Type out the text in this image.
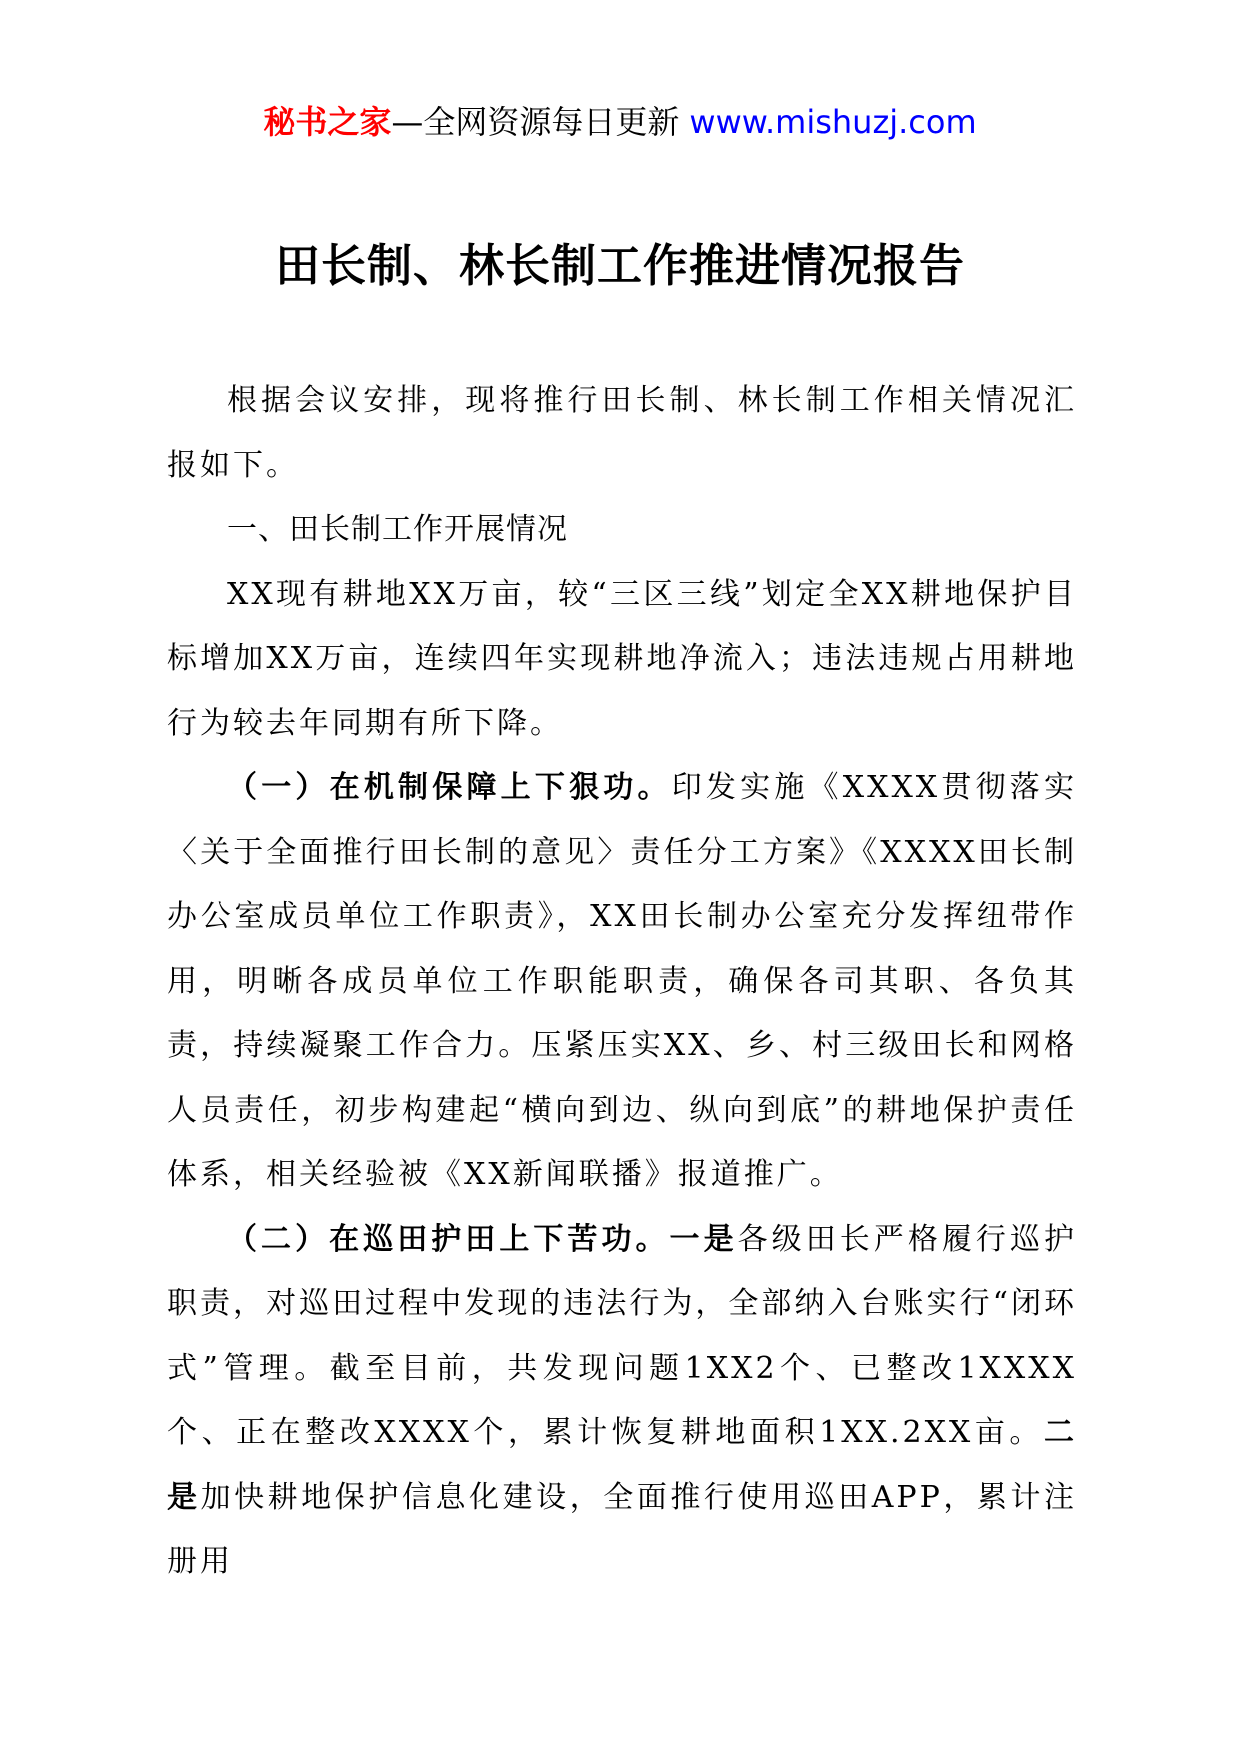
秘书之家—全网资源每日更新 www.mishuzj.com
田长制、林长制工作推进情况报告

根据会议安排，现将推行田长制、林长制工作相关情况汇报如下。

一、田长制工作开展情况

XX现有耕地XX万亩，较“三区三线”划定全XX耕地保护目标增加XX万亩，连续四年实现耕地净流入；违法违规占用耕地行为较去年同期有所下降。

（一）在机制保障上下狠功。印发实施《XXXX贯彻落实〈关于全面推行田长制的意见〉责任分工方案》《XXXX田长制办公室成员单位工作职责》，XX田长制办公室充分发挥纽带作用，明晰各成员单位工作职能职责，确保各司其职、各负其责，持续凝聚工作合力。压紧压实XX、乡、村三级田长和网格人员责任，初步构建起“横向到边、纵向到底”的耕地保护责任体系，相关经验被《XX新闻联播》报道推广。

（二）在巡田护田上下苦功。一是各级田长严格履行巡护职责，对巡田过程中发现的违法行为，全部纳入台账实行“闭环式”管理。截至目前，共发现问题1XX2个、已整改1XXXX个、正在整改XXXX个，累计恢复耕地面积1XX.2XX亩。二是加快耕地保护信息化建设，全面推行使用巡田APP，累计注册用
